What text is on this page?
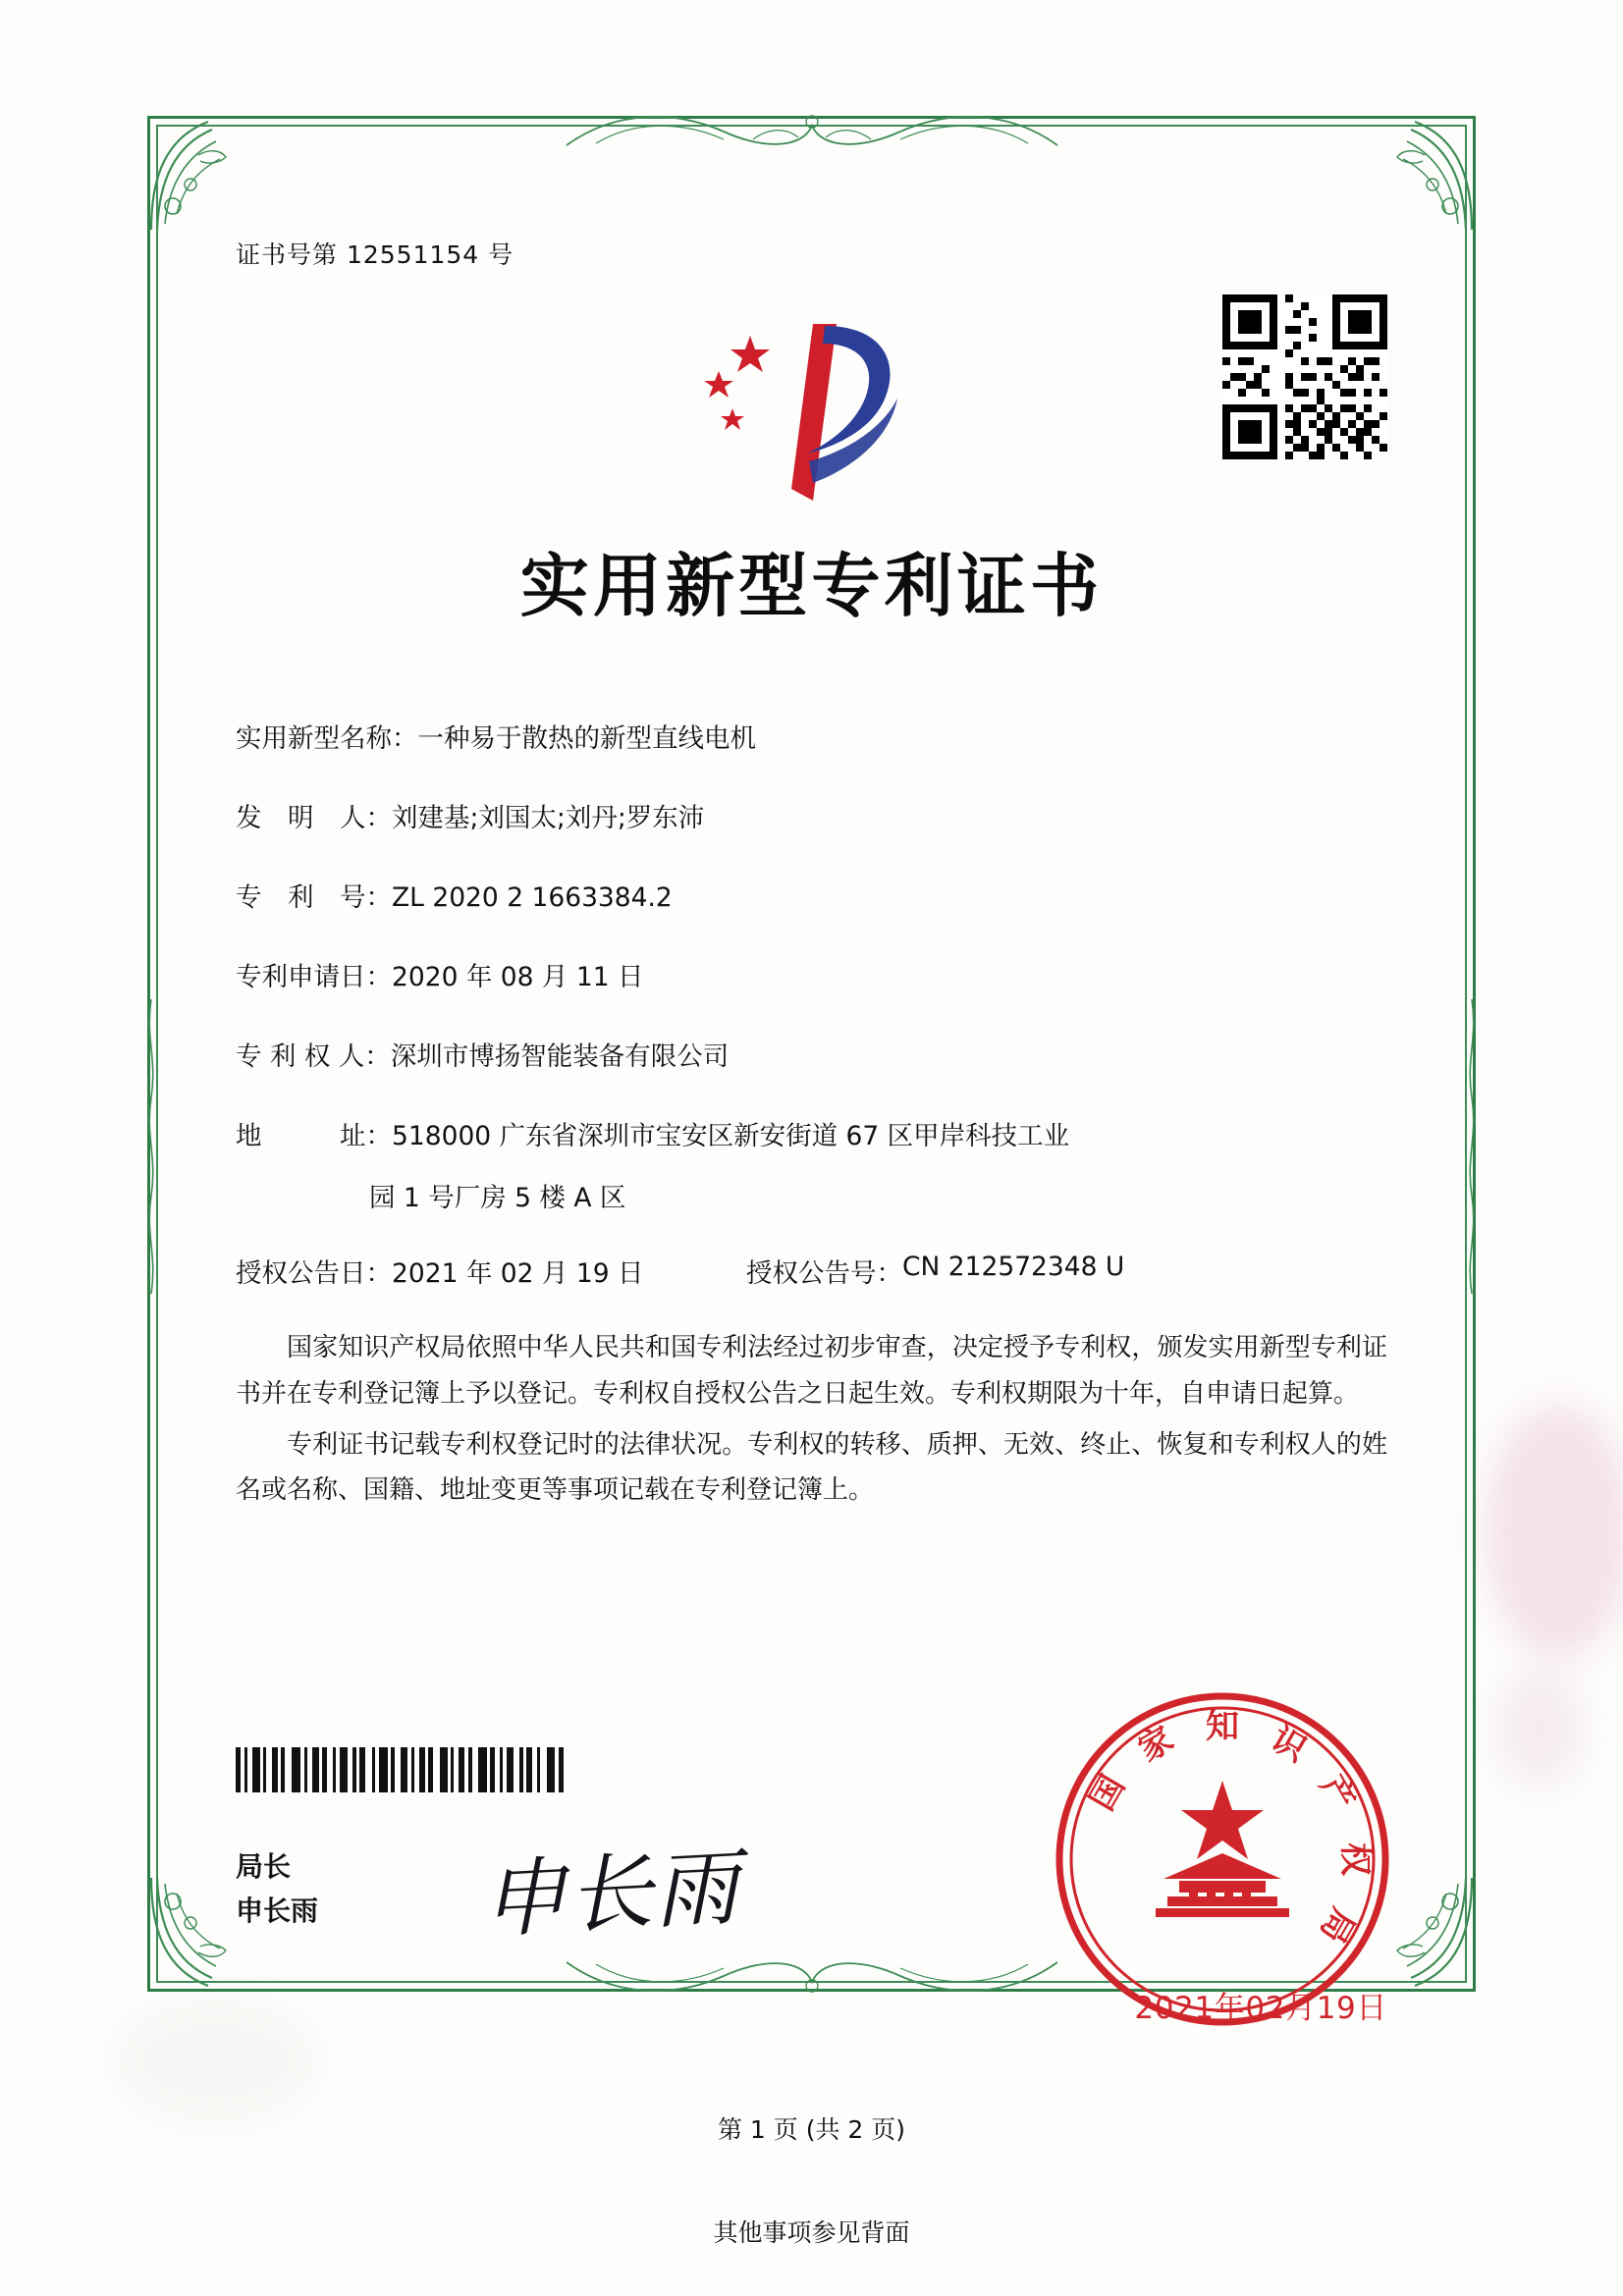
证书号第 12551154 号
实用新型专利证书
实用新型名称： 一种易于散热的新型直线电机
发　明　人： 刘建基;刘国太;刘丹;罗东沛
专　利　号： ZL 2020 2 1663384.2
专利申请日： 2020 年 08 月 11 日
专 利 权 人： 深圳市博扬智能装备有限公司
地　　　址： 518000 广东省深圳市宝安区新安街道 67 区甲岸科技工业
园 1 号厂房 5 楼 A 区
授权公告日： 2021 年 02 月 19 日	授权公告号： CN 212572348 U

国家知识产权局依照中华人民共和国专利法经过初步审查，决定授予专利权，颁发实用新型专利证书并在专利登记簿上予以登记。专利权自授权公告之日起生效。专利权期限为十年，自申请日起算。

专利证书记载专利权登记时的法律状况。专利权的转移、质押、无效、终止、恢复和专利权人的姓名或名称、国籍、地址变更等事项记载在专利登记簿上。

局长
申长雨 申长雨
知
家
国
识
产
权
局
2021年02月19日
第 1 页 (共 2 页)
其他事项参见背面
